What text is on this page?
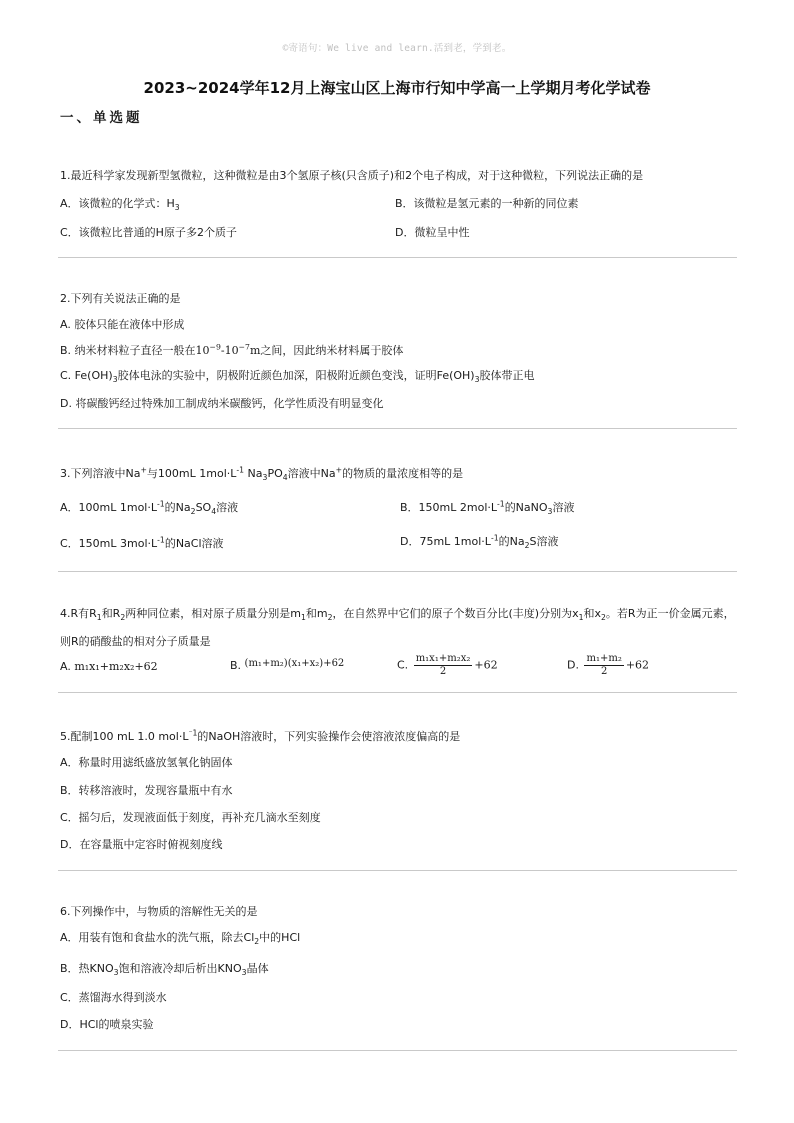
©寄语句：We live and learn.活到老，学到老。
2023~2024学年12月上海宝山区上海市行知中学高一上学期月考化学试卷
一、单选题
1.最近科学家发现新型氢微粒，这种微粒是由3个氢原子核(只含质子)和2个电子构成，对于这种微粒，下列说法正确的是
A．该微粒的化学式：$H_3$	B．该微粒是氢元素的一种新的同位素
C．该微粒比普通的H原子多2个质子	D．微粒呈中性
2.下列有关说法正确的是
A. 胶体只能在液体中形成
B. 纳米材料粒子直径一般在$10^{-9}-10^{-7}m$之间，因此纳米材料属于胶体
C. $Fe(OH)_3$胶体电泳的实验中，阴极附近颜色加深，阳极附近颜色变浅，证明$Fe(OH)_3$胶体带正电
D. 将碳酸钙经过特殊加工制成纳米碳酸钙，化学性质没有明显变化
3.下列溶液中Na+与100mL $1mol\cdot L^{-1}$ $Na_3PO_4$溶液中Na+的物质的量浓度相等的是
A．100mL $1mol\cdot L^{-1}$的$Na_2SO_4$溶液	B．150mL $2mol\cdot L^{-1}$的NaNO$_3$溶液
C．150mL $3mol\cdot L^{-1}$的NaCl溶液	D．75mL $1mol\cdot L^{-1}$的$Na_2S$溶液
4.R有$R_1$和$R_2$两种同位素，相对原子质量分别是$m_1$和$m_2$，在自然界中它们的原子个数百分比(丰度)分别为$x_1$和$x_2$。若R为正一价金属元素，
则R的硝酸盐的相对分子质量是
A. m₁x₁+m₂x₂+62	B. (m₁+m₂)(x₁+x₂)+62	C. $\frac{\text{m₁x₁+m₂x₂}}{2} +62$	D. $\frac{\text{m₁+m₂}}{2} +62$
5.配制100 mL 1.0 $mol\cdot L^{^-1}$的NaOH溶液时，下列实验操作会使溶液浓度偏高的是
A．称量时用滤纸盛放氢氧化钠固体
B．转移溶液时，发现容量瓶中有水
C．摇匀后，发现液面低于刻度，再补充几滴水至刻度
D．在容量瓶中定容时俯视刻度线
6.下列操作中，与物质的溶解性无关的是
A．用装有饱和食盐水的洗气瓶，除去$Cl_2$中的HCl
B．热$KNO_3$饱和溶液冷却后析出$KNO_3$晶体
C．蒸馏海水得到淡水
D．HCl的喷泉实验
